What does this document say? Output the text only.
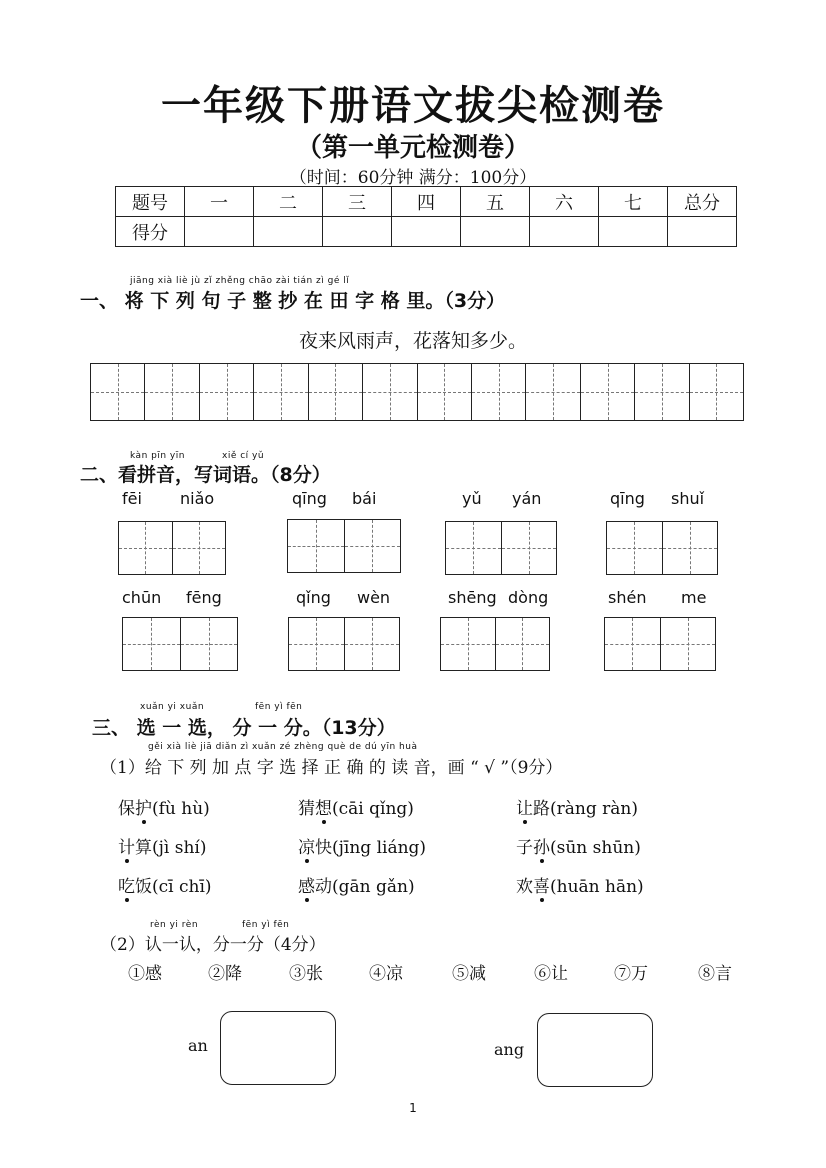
一年级下册语文拔尖检测卷
（第一单元检测卷）
（时间：60分钟 满分：100分）
题号	一	二	三	四	五	六	七	总分
得分								
jiāng xià liè jù zǐ zhěng chāo zài tián zì gé lǐ
一、 将 下 列 句 子 整 抄 在 田 字 格 里。（3分）
夜来风雨声，花落知多少。
kàn pīn yīn	xiě cí yǔ
二、看拼音，写词语。（8分）
fēi niǎo	qīng bái	yǔ yán	qīng shuǐ
chūn fēng	qǐng wèn	shēng dòng	shén me
xuǎn yi xuǎn	fēn yì fēn
三、 选 一 选， 分 一 分。（13分）
gěi xià liè jiā diǎn zì xuǎn zé zhèng què de dú yīn huà
（1）给 下 列 加 点 字 选 择 正 确 的 读 音，画 “ √ ”（9分）
保护(fù hù)	猜想(cāi qǐng)	让路(ràng ràn)
计算(jì shí)	凉快(jīng liáng)	子孙(sūn shūn)
吃饭(cī chī)	感动(gān gǎn)	欢喜(huān hān)
rèn yi rèn	fēn yì fēn
（2）认一认，分一分（4分）
①感	②降	③张	④凉	⑤减	⑥让	⑦万	⑧言
an	ang
1
